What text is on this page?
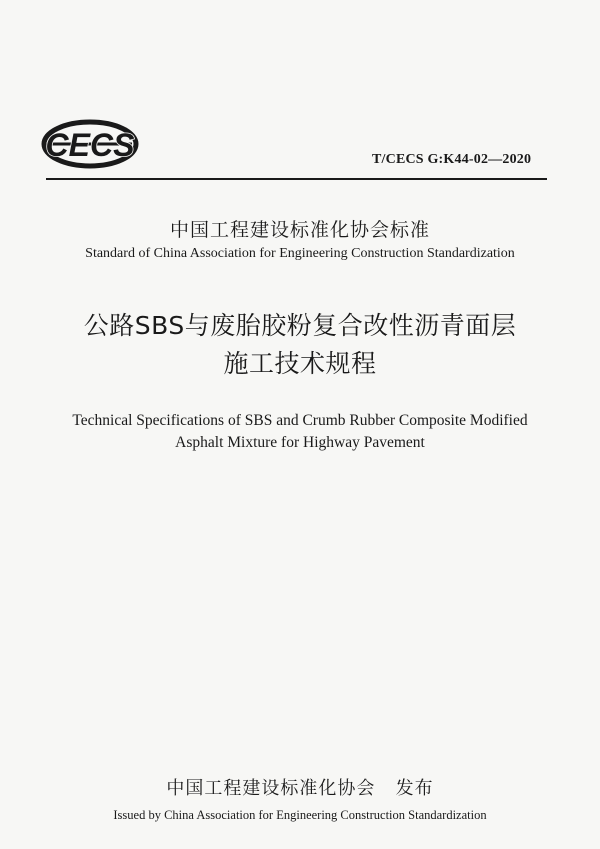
CECS	T/CECS G:K44-02—2020
中国工程建设标准化协会标准
Standard of China Association for Engineering Construction Standardization
公路SBS与废胎胶粉复合改性沥青面层
施工技术规程
Technical Specifications of SBS and Crumb Rubber Composite Modified
Asphalt Mixture for Highway Pavement
中国工程建设标准化协会   发布
Issued by China Association for Engineering Construction Standardization
